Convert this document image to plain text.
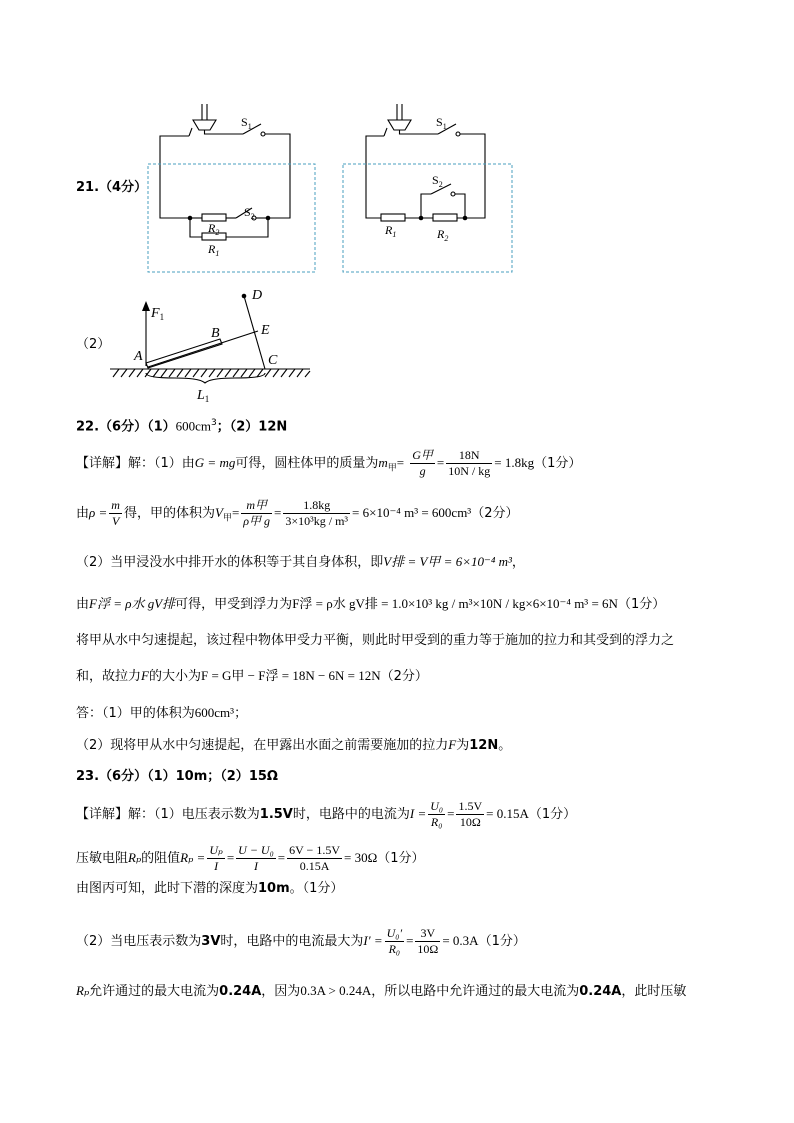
21.（4分）
$S_1$
$S_2$
$R_2$
$R_1$
$S_1$
$S_2$
$R_1$	$R_2$
（2）
D
E
B
A	C
$F_1$
$L_1$
22.（6分）$(1)600cm^3$；（2）12N
【详解】解：（1）由G = mg可得，圆柱体甲的质量为$m_甲= \frac{\text{G甲}}{g} = \frac{18N}{10N / kg} = 1.8kg(1$分）
由$\rho = \frac{m}{V}$ 得，甲的体积为$V_甲= \frac{\text{m甲}}{\text{ρ甲 g}} = \frac{1.8kg}{\text{3×10³kg / m³}} = 6\times 10^{-4}$ m³ = 600cm³（2分）
（2）当甲浸没水中排开水的体积等于其自身体积，即V排 = V甲 = 6×10⁻⁴ m³，
由F浮 = ρ水 gV排可得，甲受到浮力为F浮 = ρ水 gV排 = 1.0×10³ kg / m³×10N / kg×6×10⁻⁴ m³ = 6N（1分）
将甲从水中匀速提起，该过程中物体甲受力平衡，则此时甲受到的重力等于施加的拉力和其受到的浮力之
和，故拉力F的大小为F = G甲 − F浮 = 18N − 6N = 12N（2分）
答：（1）甲的体积为600cm³；
（2）现将甲从水中匀速提起，在甲露出水面之前需要施加的拉力F为12N。
23.（6分）（1）10m；（2）15Ω
【详解】解：（1）电压表示数为1.5V时，电路中的电流为$I = \frac{\text{U₀}}{\text{R₀}} = \frac{1.5V}{10\Omega} = 0.15A(1$分）
压敏电阻Rₚ的阻值$R_p = \frac{\text{Uₚ}}{I} = \frac{\text{U − U₀}}{I} = \frac{6V - 1.5V}{0.15A} = 30\Omega(1$分）
由图丙可知，此时下潜的深度为10m。（1分）
（2）当电压表示数为3V时，电路中的电流最大为$I' = \frac{\text{U₀′}}{\text{R₀}} = \frac{3V}{10\Omega} = 0.3A(1$分）
Rₚ允许通过的最大电流为0.24A，因为0.3A > 0.24A，所以电路中允许通过的最大电流为0.24A，此时压敏
